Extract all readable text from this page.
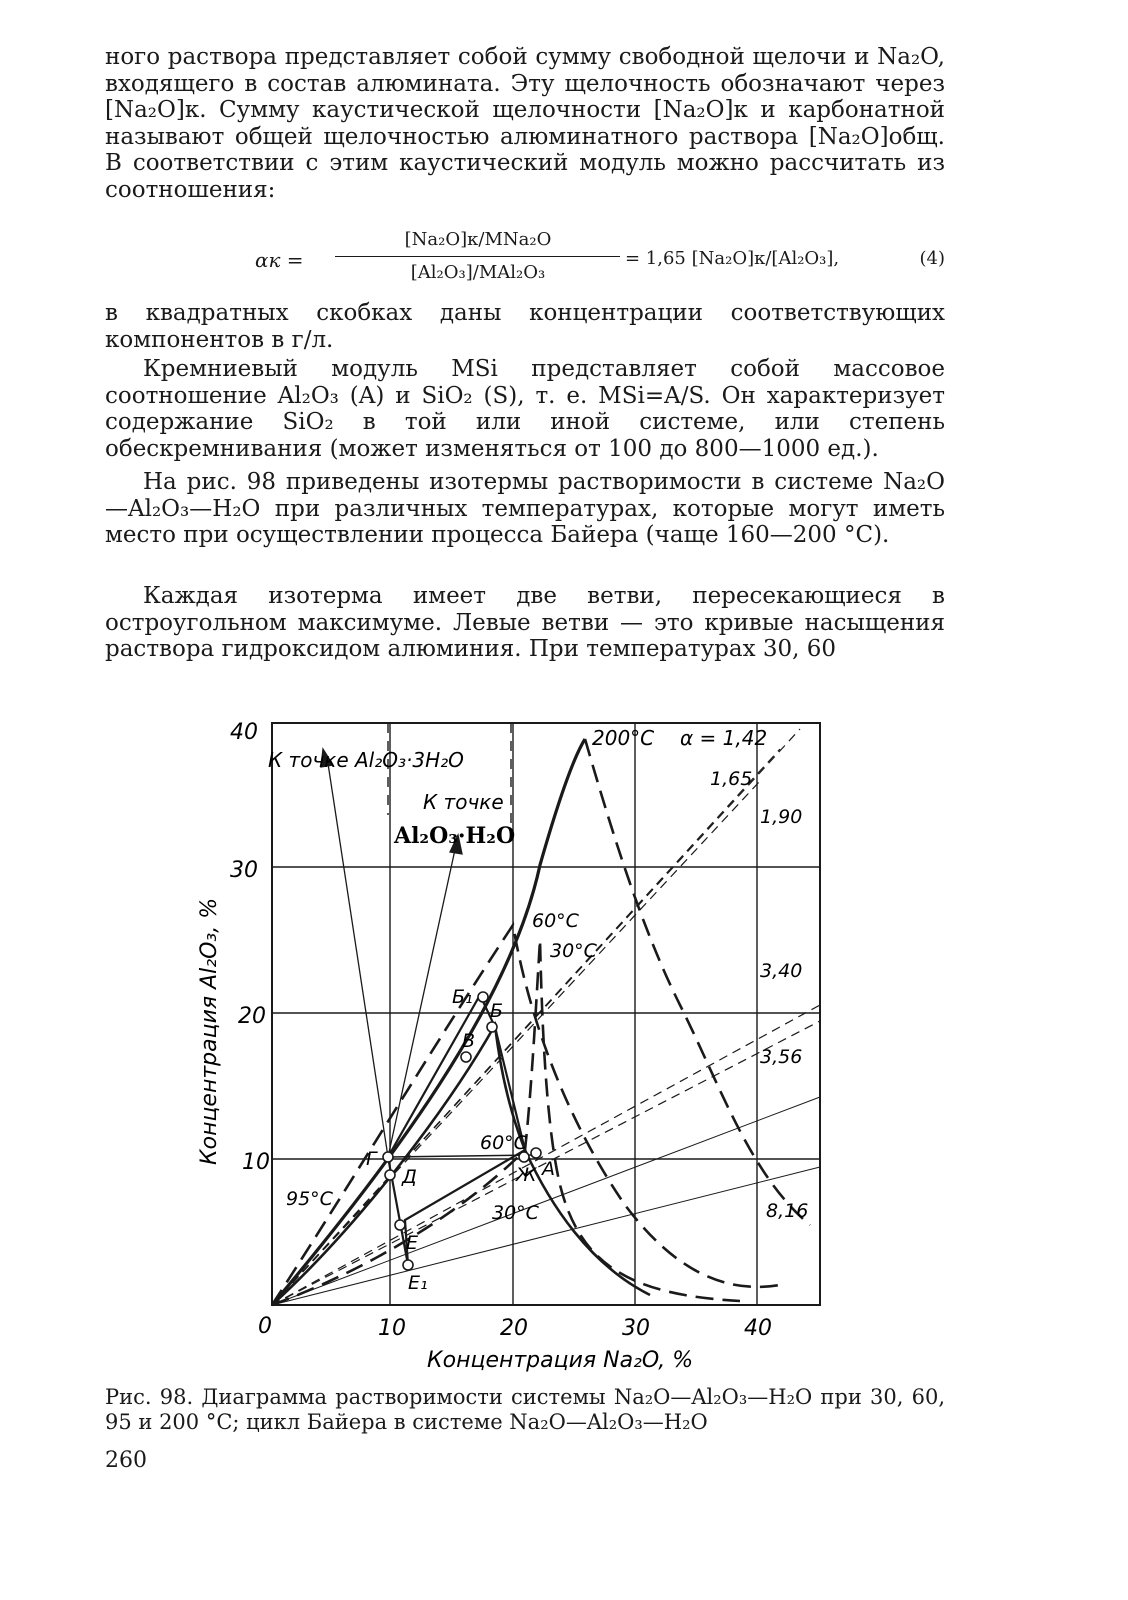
ного раствора представляет собой сумму свободной щелочи и Na₂O, входящего в состав алюмината. Эту щелочность обозначают через [Na₂O]к. Сумму каустической щелочности [Na₂O]к и карбонатной называют общей щелочностью алюминатного раствора [Na₂O]общ. В соответствии с этим каустический модуль можно рассчитать из соотношения:

αк =
[Na₂O]к/MNa₂O
[Al₂O₃]/MAl₂O₃
= 1,65 [Na₂O]к/[Al₂O₃],	(4)

в квадратных скобках даны концентрации соответствующих компонентов в г/л.

Кремниевый модуль MSi представляет собой массовое соотношение Al₂O₃ (A) и SiO₂ (S), т. е. MSi=A/S. Он характеризует содержание SiO₂ в той или иной системе, или степень обескремнивания (может изменяться от 100 до 800—1000 ед.).

На рис. 98 приведены изотермы растворимости в системе Na₂O—Al₂O₃—H₂O при различных температурах, которые могут иметь место при осуществлении процесса Байера (чаще 160—200 °C).

Каждая изотерма имеет две ветви, пересекающиеся в остроугольном максимуме. Левые ветви — это кривые насыщения раствора гидроксидом алюминия. При температурах 30, 60

40
30
20
10
0	10	20	30	40
Концентрация Na₂O, %
Концентрация Al₂O₃, %
К точке Al₂O₃·3H₂O
К точке
Al₂O₃·H₂O
200°C
60°C
30°C
60°C
95°C
30°C
α = 1,42
1,65
1,90
3,40
3,56
8,16
Б₁
Б
В
Г
Д	Ж А
Е
Е₁

Рис. 98. Диаграмма растворимости системы Na₂O—Al₂O₃—H₂O при 30, 60, 95 и 200 °C; цикл Байера в системе Na₂O—Al₂O₃—H₂O

260
